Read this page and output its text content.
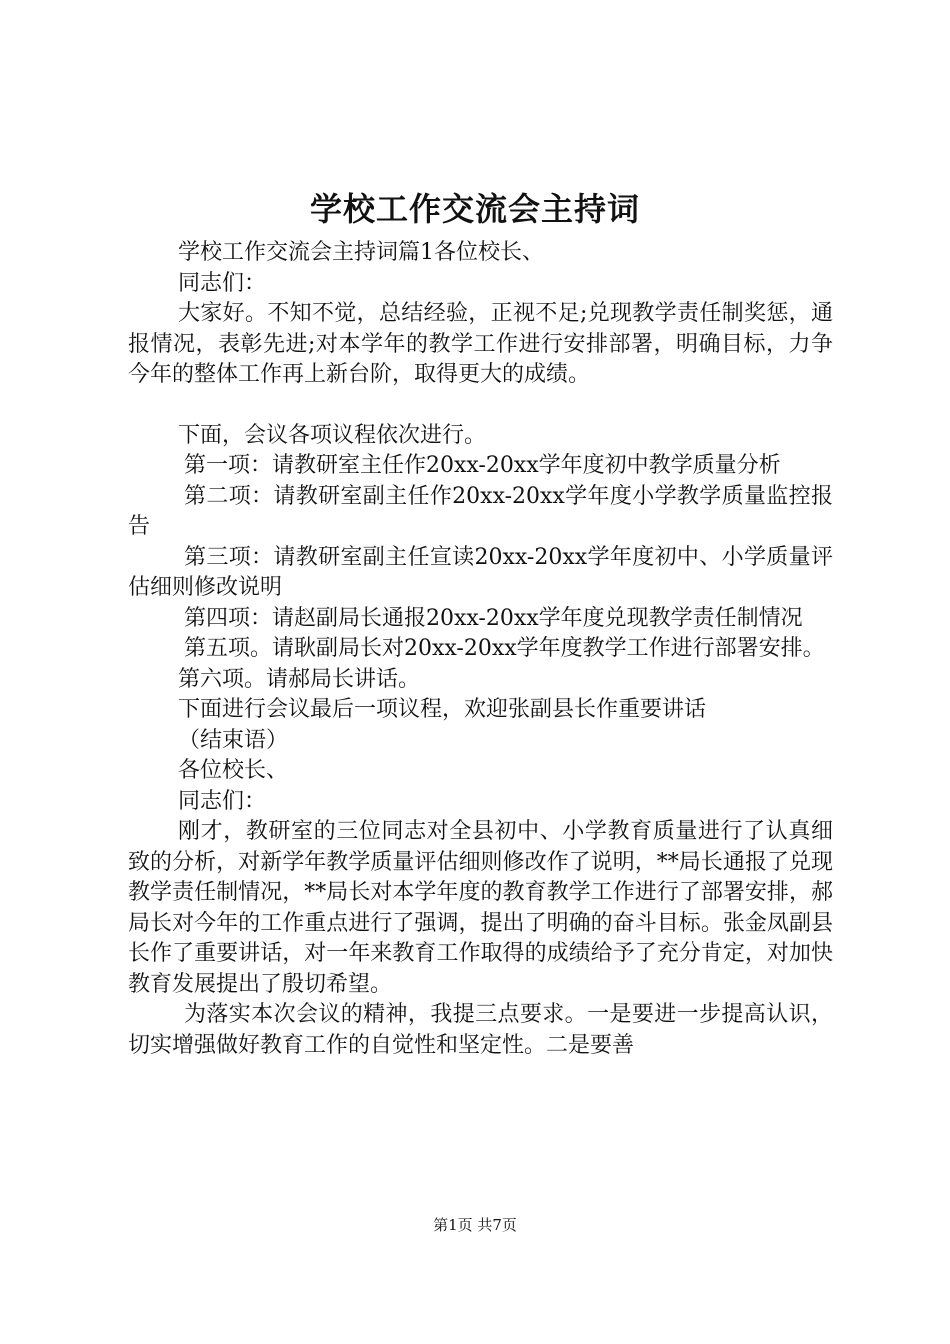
学校工作交流会主持词

学校工作交流会主持词篇1各位校长、

同志们：

大家好。不知不觉，总结经验，正视不足;兑现教学责任制奖惩，通报情况，表彰先进;对本学年的教学工作进行安排部署，明确目标，力争今年的整体工作再上新台阶，取得更大的成绩。

下面，会议各项议程依次进行。

第一项：请教研室主任作20xx-20xx学年度初中教学质量分析

第二项：请教研室副主任作20xx-20xx学年度小学教学质量监控报告

第三项：请教研室副主任宣读20xx-20xx学年度初中、小学质量评估细则修改说明

第四项：请赵副局长通报20xx-20xx学年度兑现教学责任制情况

第五项。请耿副局长对20xx-20xx学年度教学工作进行部署安排。

第六项。请郝局长讲话。

下面进行会议最后一项议程，欢迎张副县长作重要讲话

（结束语）

各位校长、

同志们：

刚才，教研室的三位同志对全县初中、小学教育质量进行了认真细致的分析，对新学年教学质量评估细则修改作了说明，**局长通报了兑现教学责任制情况，**局长对本学年度的教育教学工作进行了部署安排，郝局长对今年的工作重点进行了强调，提出了明确的奋斗目标。张金凤副县长作了重要讲话，对一年来教育工作取得的成绩给予了充分肯定，对加快教育发展提出了殷切希望。

为落实本次会议的精神，我提三点要求。一是要进一步提高认识，切实增强做好教育工作的自觉性和坚定性。二是要善

第1页 共7页
